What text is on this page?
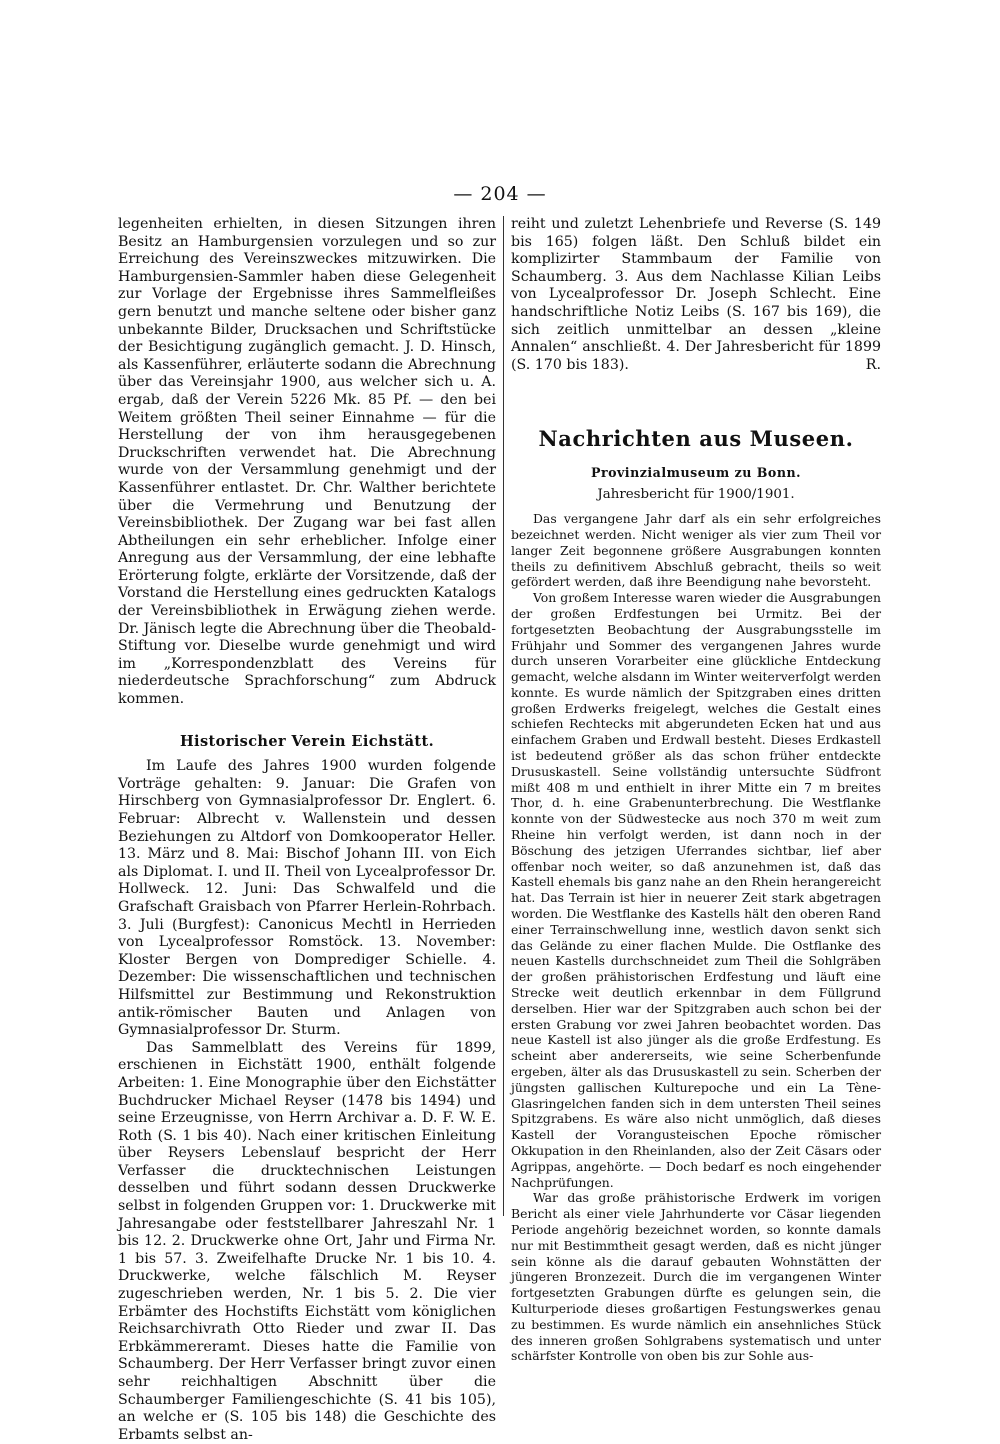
— 204 —

legenheiten erhielten, in diesen Sitzungen ihren Besitz an Hamburgensien vorzulegen und so zur Erreichung des Vereinszweckes mitzuwirken. Die Hamburgensien-Sammler haben diese Gelegenheit zur Vorlage der Ergebnisse ihres Sammelfleißes gern benutzt und manche seltene oder bisher ganz unbekannte Bilder, Drucksachen und Schriftstücke der Besichtigung zugänglich gemacht. J. D. Hinsch, als Kassenführer, erläuterte sodann die Abrechnung über das Vereinsjahr 1900, aus welcher sich u. A. ergab, daß der Verein 5226 Mk. 85 Pf. — den bei Weitem größten Theil seiner Einnahme — für die Herstellung der von ihm herausgegebenen Druckschriften verwendet hat. Die Abrechnung wurde von der Versammlung genehmigt und der Kassenführer entlastet. Dr. Chr. Walther berichtete über die Vermehrung und Benutzung der Vereinsbibliothek. Der Zugang war bei fast allen Abtheilungen ein sehr erheblicher. Infolge einer Anregung aus der Versammlung, der eine lebhafte Erörterung folgte, erklärte der Vorsitzende, daß der Vorstand die Herstellung eines gedruckten Katalogs der Vereinsbibliothek in Erwägung ziehen werde. Dr. Jänisch legte die Abrechnung über die Theobald-Stiftung vor. Dieselbe wurde genehmigt und wird im „Korrespondenzblatt des Vereins für niederdeutsche Sprachforschung“ zum Abdruck kommen.

Historischer Verein Eichstätt.

Im Laufe des Jahres 1900 wurden folgende Vorträge gehalten: 9. Januar: Die Grafen von Hirschberg von Gymnasialprofessor Dr. Englert. 6. Februar: Albrecht v. Wallenstein und dessen Beziehungen zu Altdorf von Domkooperator Heller. 13. März und 8. Mai: Bischof Johann III. von Eich als Diplomat. I. und II. Theil von Lycealprofessor Dr. Hollweck. 12. Juni: Das Schwalfeld und die Grafschaft Graisbach von Pfarrer Herlein-Rohrbach. 3. Juli (Burgfest): Canonicus Mechtl in Herrieden von Lycealprofessor Romstöck. 13. November: Kloster Bergen von Domprediger Schielle. 4. Dezember: Die wissenschaftlichen und technischen Hilfsmittel zur Bestimmung und Rekonstruktion antik-römischer Bauten und Anlagen von Gymnasialprofessor Dr. Sturm.

Das Sammelblatt des Vereins für 1899, erschienen in Eichstätt 1900, enthält folgende Arbeiten: 1. Eine Monographie über den Eichstätter Buchdrucker Michael Reyser (1478 bis 1494) und seine Erzeugnisse, von Herrn Archivar a. D. F. W. E. Roth (S. 1 bis 40). Nach einer kritischen Einleitung über Reysers Lebenslauf bespricht der Herr Verfasser die drucktechnischen Leistungen desselben und führt sodann dessen Druckwerke selbst in folgenden Gruppen vor: 1. Druckwerke mit Jahresangabe oder feststellbarer Jahreszahl Nr. 1 bis 12. 2. Druckwerke ohne Ort, Jahr und Firma Nr. 1 bis 57. 3. Zweifelhafte Drucke Nr. 1 bis 10. 4. Druckwerke, welche fälschlich M. Reyser zugeschrieben werden, Nr. 1 bis 5. 2. Die vier Erbämter des Hochstifts Eichstätt vom königlichen Reichsarchivrath Otto Rieder und zwar II. Das Erbkämmereramt. Dieses hatte die Familie von Schaumberg. Der Herr Verfasser bringt zuvor einen sehr reichhaltigen Abschnitt über die Schaumberger Familiengeschichte (S. 41 bis 105), an welche er (S. 105 bis 148) die Geschichte des Erbamts selbst an-

reiht und zuletzt Lehenbriefe und Reverse (S. 149 bis 165) folgen läßt. Den Schluß bildet ein komplizirter Stammbaum der Familie von Schaumberg. 3. Aus dem Nachlasse Kilian Leibs von Lycealprofessor Dr. Joseph Schlecht. Eine handschriftliche Notiz Leibs (S. 167 bis 169), die sich zeitlich unmittelbar an dessen „kleine Annalen“ anschließt. 4. Der Jahresbericht für 1899 (S. 170 bis 183).	R.

Nachrichten aus Museen.
Provinzialmuseum zu Bonn.
Jahresbericht für 1900/1901.

Das vergangene Jahr darf als ein sehr erfolgreiches bezeichnet werden. Nicht weniger als vier zum Theil vor langer Zeit begonnene größere Ausgrabungen konnten theils zu definitivem Abschluß gebracht, theils so weit gefördert werden, daß ihre Beendigung nahe bevorsteht.

Von großem Interesse waren wieder die Ausgrabungen der großen Erdfestungen bei Urmitz. Bei der fortgesetzten Beobachtung der Ausgrabungsstelle im Frühjahr und Sommer des vergangenen Jahres wurde durch unseren Vorarbeiter eine glückliche Entdeckung gemacht, welche alsdann im Winter weiterverfolgt werden konnte. Es wurde nämlich der Spitzgraben eines dritten großen Erdwerks freigelegt, welches die Gestalt eines schiefen Rechtecks mit abgerundeten Ecken hat und aus einfachem Graben und Erdwall besteht. Dieses Erdkastell ist bedeutend größer als das schon früher entdeckte Drususkastell. Seine vollständig untersuchte Südfront mißt 408 m und enthielt in ihrer Mitte ein 7 m breites Thor, d. h. eine Grabenunterbrechung. Die Westflanke konnte von der Südwestecke aus noch 370 m weit zum Rheine hin verfolgt werden, ist dann noch in der Böschung des jetzigen Uferrandes sichtbar, lief aber offenbar noch weiter, so daß anzunehmen ist, daß das Kastell ehemals bis ganz nahe an den Rhein herangereicht hat. Das Terrain ist hier in neuerer Zeit stark abgetragen worden. Die Westflanke des Kastells hält den oberen Rand einer Terrainschwellung inne, westlich davon senkt sich das Gelände zu einer flachen Mulde. Die Ostflanke des neuen Kastells durchschneidet zum Theil die Sohlgräben der großen prähistorischen Erdfestung und läuft eine Strecke weit deutlich erkennbar in dem Füllgrund derselben. Hier war der Spitzgraben auch schon bei der ersten Grabung vor zwei Jahren beobachtet worden. Das neue Kastell ist also jünger als die große Erdfestung. Es scheint aber andererseits, wie seine Scherbenfunde ergeben, älter als das Drususkastell zu sein. Scherben der jüngsten gallischen Kulturepoche und ein La Tène-Glasringelchen fanden sich in dem untersten Theil seines Spitzgrabens. Es wäre also nicht unmöglich, daß dieses Kastell der Vorangusteischen Epoche römischer Okkupation in den Rheinlanden, also der Zeit Cäsars oder Agrippas, angehörte. — Doch bedarf es noch eingehender Nachprüfungen.

War das große prähistorische Erdwerk im vorigen Bericht als einer viele Jahrhunderte vor Cäsar liegenden Periode angehörig bezeichnet worden, so konnte damals nur mit Bestimmtheit gesagt werden, daß es nicht jünger sein könne als die darauf gebauten Wohnstätten der jüngeren Bronzezeit. Durch die im vergangenen Winter fortgesetzten Grabungen dürfte es gelungen sein, die Kulturperiode dieses großartigen Festungswerkes genau zu bestimmen. Es wurde nämlich ein ansehnliches Stück des inneren großen Sohlgrabens systematisch und unter schärfster Kontrolle von oben bis zur Sohle aus-
